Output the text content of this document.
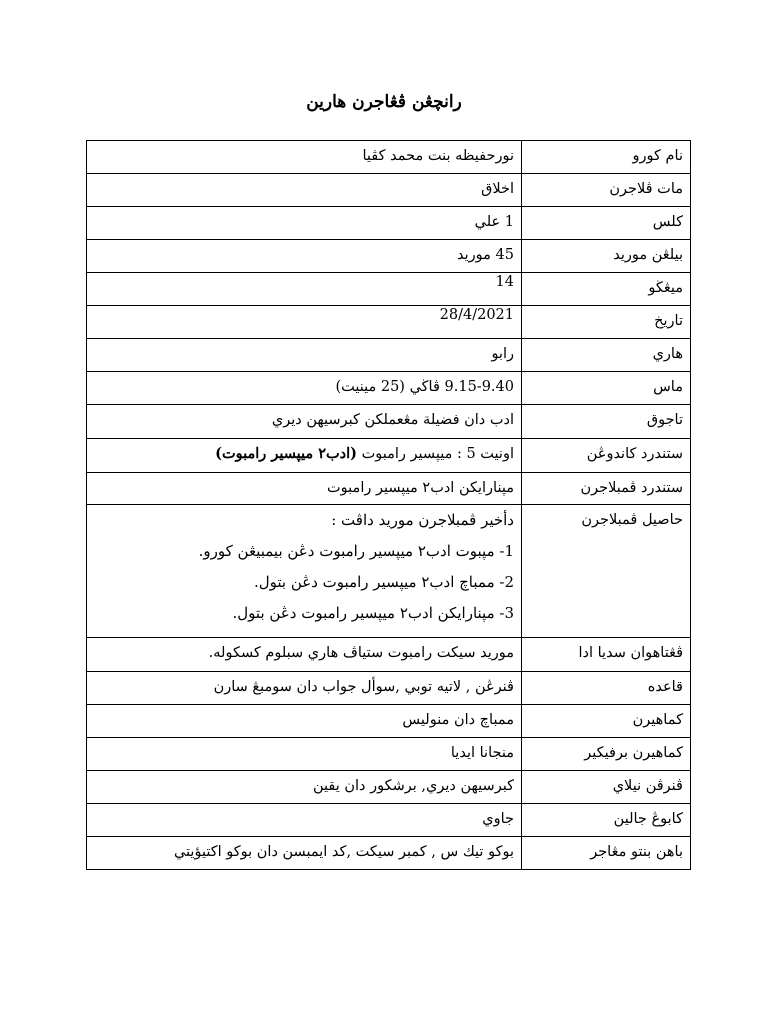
رانچڠن ڤڠاجرن هارين
نام كورو	نورحفيظه بنت محمد كڤيا
مات ڤلاجرن	اخلاق
كلس	1 علي
بيلڠن موريد	45 موريد
ميڠڬو	14
تاريخ	28/4/2021
هاري	رابو
ماس	9.15-9.40 ڤاڬي (25 مينيت)
تاجوق	ادب دان فضيلة مڠعملكن كبرسيهن ديري
ستندرد كاندوڠن	اونيت 5 : ميپسير رامبوت (ادب٢ ميپسير رامبوت)
ستندرد ڤمبلاجرن	مڽنارايكن ادب٢ ميپسير رامبوت
حاصيل ڤمبلاجرن	دأخير ڤمبلاجرن موريد داڤت :
1- مپبوت ادب٢ ميپسير رامبوت دڠن بيمبيڠن كورو.
2- ممباچ ادب٢ ميپسير رامبوت دڠن بتول.
3- مڽنارايكن ادب٢ ميپسير رامبوت دڠن بتول.

ڤڠتاهوان سديا ادا	موريد سيكت رامبوت ستياڤ هاري سبلوم كسكوله.
قاعده	ڤنرڠن , لاتيه توبي ,سوأل جواب دان سومبڠ سارن
كماهيرن	ممباچ دان منوليس
كماهيرن برفيكير	منجانا ايديا
ڤنرڤن نيلاي	كبرسيهن ديري, برشكور دان يقين
كابوڠ جالين	جاوي
باهن بنتو مڠاجر	بوكو تيك س , كمبر سيكت ,كد ايمبسن دان بوكو اكتيؤيتي
